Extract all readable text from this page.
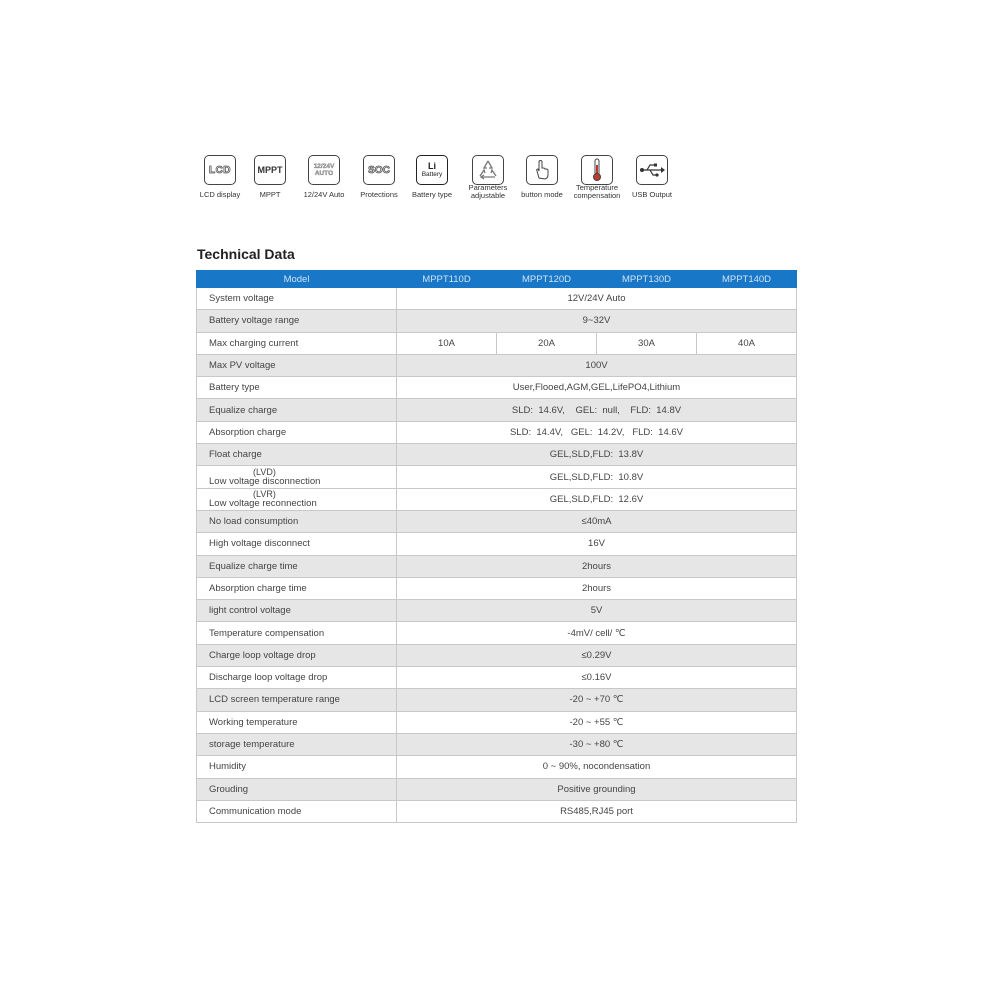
LCD
LCD display
MPPT
MPPT
12/24V
AUTO
12/24V Auto
SOC
Protections
Li
Battery
Battery type
Parameters
adjustable	button mode
Temperature
compensation	USB Output
Technical Data
Model	MPPT110D	MPPT120D	MPPT130D	MPPT140D
System voltage	12V/24V Auto			
Battery voltage range	9~32V			
Max charging current	10A	20A	30A	40A
Max PV voltage	100V			
Battery type	User,Flooed,AGM,GEL,LifePO4,Lithium			
Equalize charge	SLD:  14.6V,    GEL:  null,    FLD:  14.8V			
Absorption charge	SLD:  14.4V,   GEL:  14.2V,   FLD:  14.6V			
Float charge	GEL,SLD,FLD:  13.8V			

(LVD)
Low voltage disconnection	GEL,SLD,FLD:  10.8V			

(LVR)
Low voltage reconnection	GEL,SLD,FLD:  12.6V			
No load consumption	≤40mA			
High voltage disconnect	16V			
Equalize charge time	2hours			
Absorption charge time	2hours			
light control voltage	5V			
Temperature compensation	-4mV/ cell/ ℃			
Charge loop voltage drop	≤0.29V			
Discharge loop voltage drop	≤0.16V			
LCD screen temperature range	-20 ~ +70 ℃			
Working temperature	-20 ~ +55 ℃			
storage temperature	-30 ~ +80 ℃			
Humidity	0 ~ 90%, nocondensation			
Grouding	Positive grounding			
Communication mode	RS485,RJ45 port			
